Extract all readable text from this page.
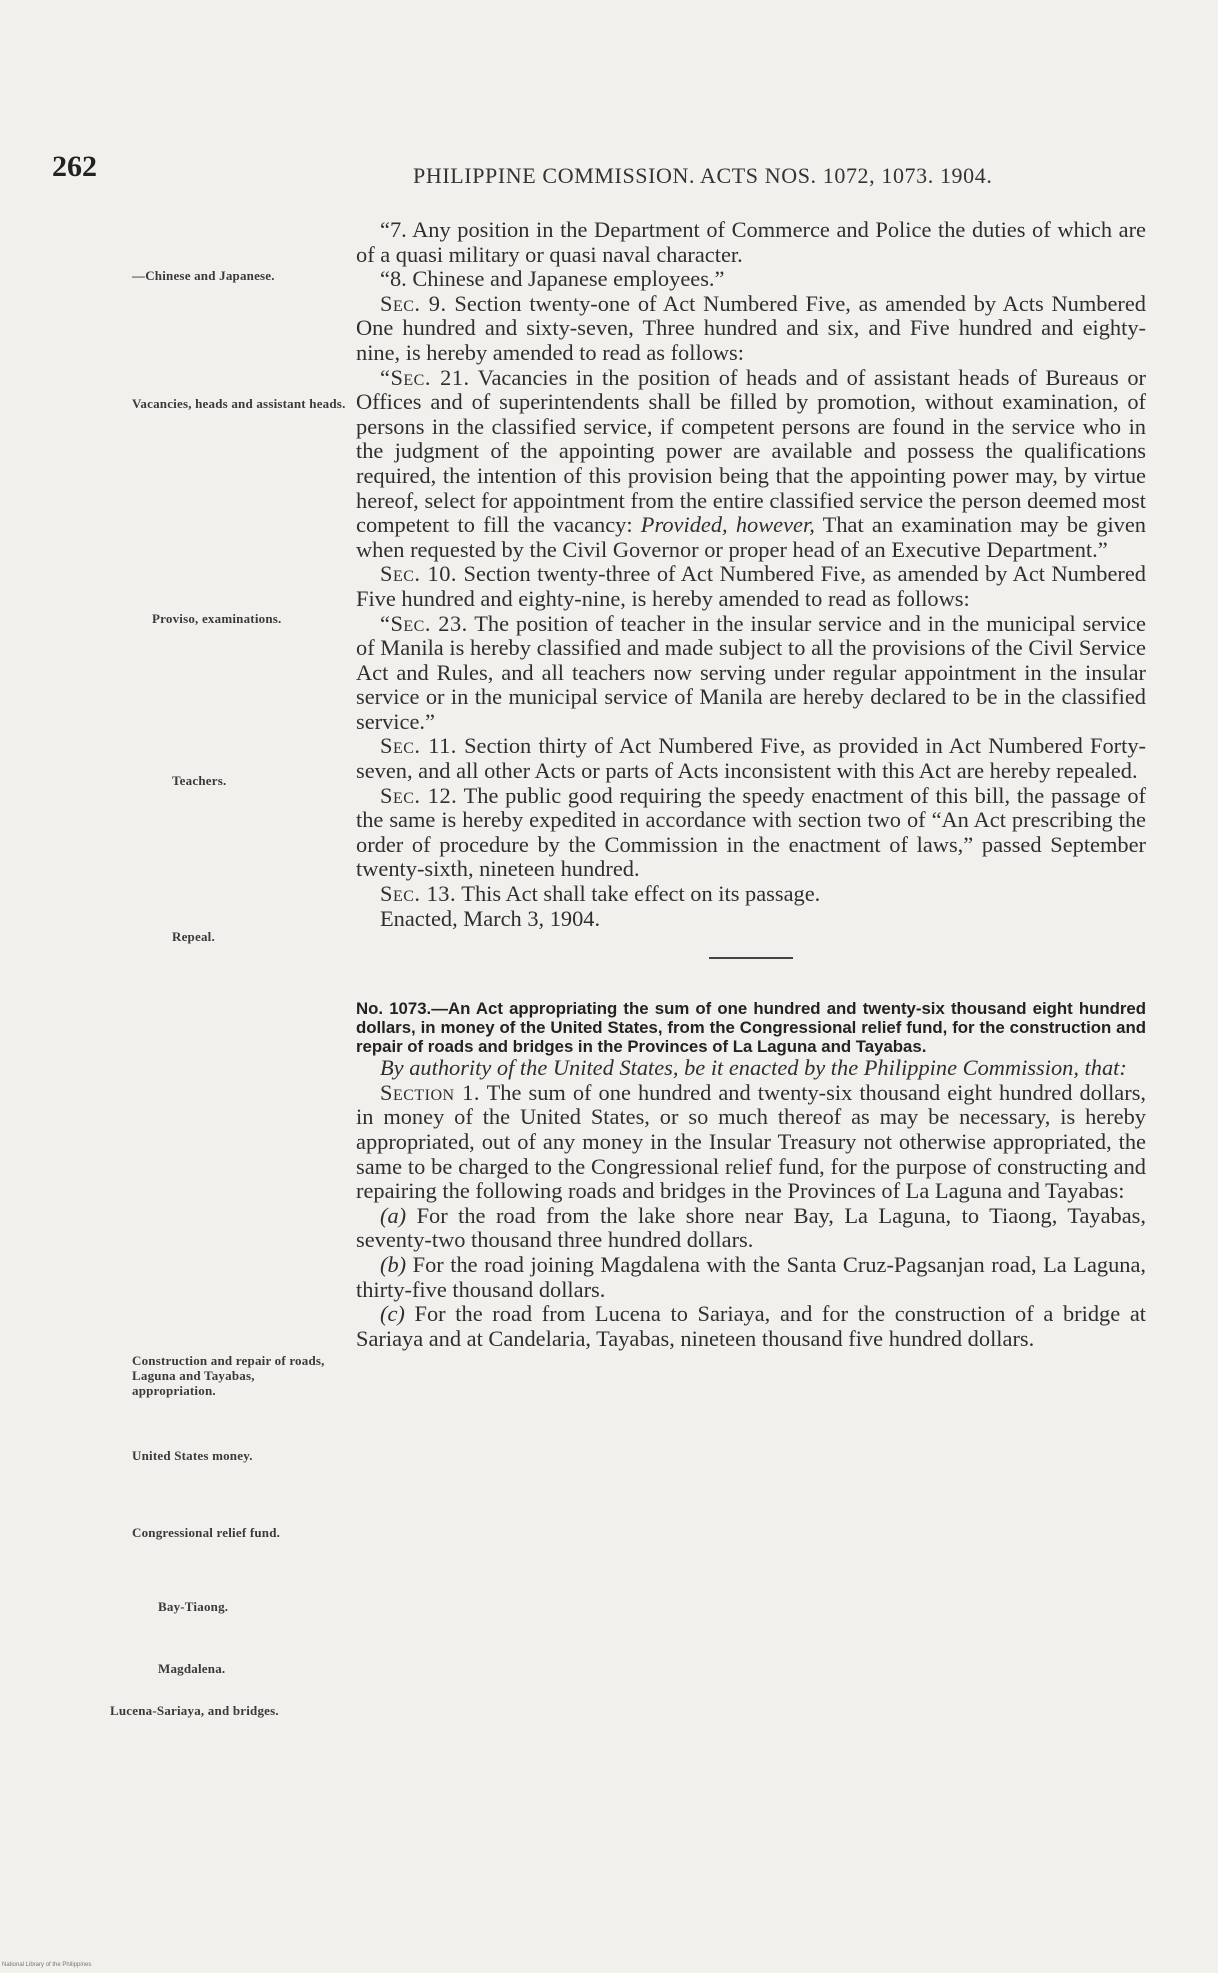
262	PHILIPPINE COMMISSION. ACTS NOS. 1072, 1073. 1904.
—Chinese and Japanese.
Vacancies, heads and assistant heads.
Proviso, examinations.
Teachers.
Repeal.
Construction and repair of roads, Laguna and Tayabas, appropriation.
United States money.
Congressional relief fund.
Bay-Tiaong.
Magdalena.
Lucena-Sariaya, and bridges.

“7. Any position in the Department of Commerce and Police the duties of which are of a quasi military or quasi naval character.

“8. Chinese and Japanese employees.”

Sec. 9. Section twenty-one of Act Numbered Five, as amended by Acts Numbered One hundred and sixty-seven, Three hundred and six, and Five hundred and eighty-nine, is hereby amended to read as follows:

“Sec. 21. Vacancies in the position of heads and of assistant heads of Bureaus or Offices and of superintendents shall be filled by promotion, without examination, of persons in the classified service, if competent persons are found in the service who in the judgment of the appointing power are available and possess the qualifications required, the intention of this provision being that the appointing power may, by virtue hereof, select for appointment from the entire classified service the person deemed most competent to fill the vacancy: Provided, however, That an examination may be given when requested by the Civil Governor or proper head of an Executive Department.”

Sec. 10. Section twenty-three of Act Numbered Five, as amended by Act Numbered Five hundred and eighty-nine, is hereby amended to read as follows:

“Sec. 23. The position of teacher in the insular service and in the municipal service of Manila is hereby classified and made subject to all the provisions of the Civil Service Act and Rules, and all teachers now serving under regular appointment in the insular service or in the municipal service of Manila are hereby declared to be in the classified service.”

Sec. 11. Section thirty of Act Numbered Five, as provided in Act Numbered Forty-seven, and all other Acts or parts of Acts inconsistent with this Act are hereby repealed.

Sec. 12. The public good requiring the speedy enactment of this bill, the passage of the same is hereby expedited in accordance with section two of “An Act prescribing the order of procedure by the Commission in the enactment of laws,” passed September twenty-sixth, nineteen hundred.

Sec. 13. This Act shall take effect on its passage.

Enacted, March 3, 1904.

No. 1073.—An Act appropriating the sum of one hundred and twenty-six thousand eight hundred dollars, in money of the United States, from the Congressional relief fund, for the construction and repair of roads and bridges in the Provinces of La Laguna and Tayabas.

By authority of the United States, be it enacted by the Philippine Commission, that:

Section 1. The sum of one hundred and twenty-six thousand eight hundred dollars, in money of the United States, or so much thereof as may be necessary, is hereby appropriated, out of any money in the Insular Treasury not otherwise appropriated, the same to be charged to the Congressional relief fund, for the purpose of constructing and repairing the following roads and bridges in the Provinces of La Laguna and Tayabas:

(a) For the road from the lake shore near Bay, La Laguna, to Tiaong, Tayabas, seventy-two thousand three hundred dollars.

(b) For the road joining Magdalena with the Santa Cruz-Pagsanjan road, La Laguna, thirty-five thousand dollars.

(c) For the road from Lucena to Sariaya, and for the construction of a bridge at Sariaya and at Candelaria, Tayabas, nineteen thousand five hundred dollars.

National Library of the Philippines
